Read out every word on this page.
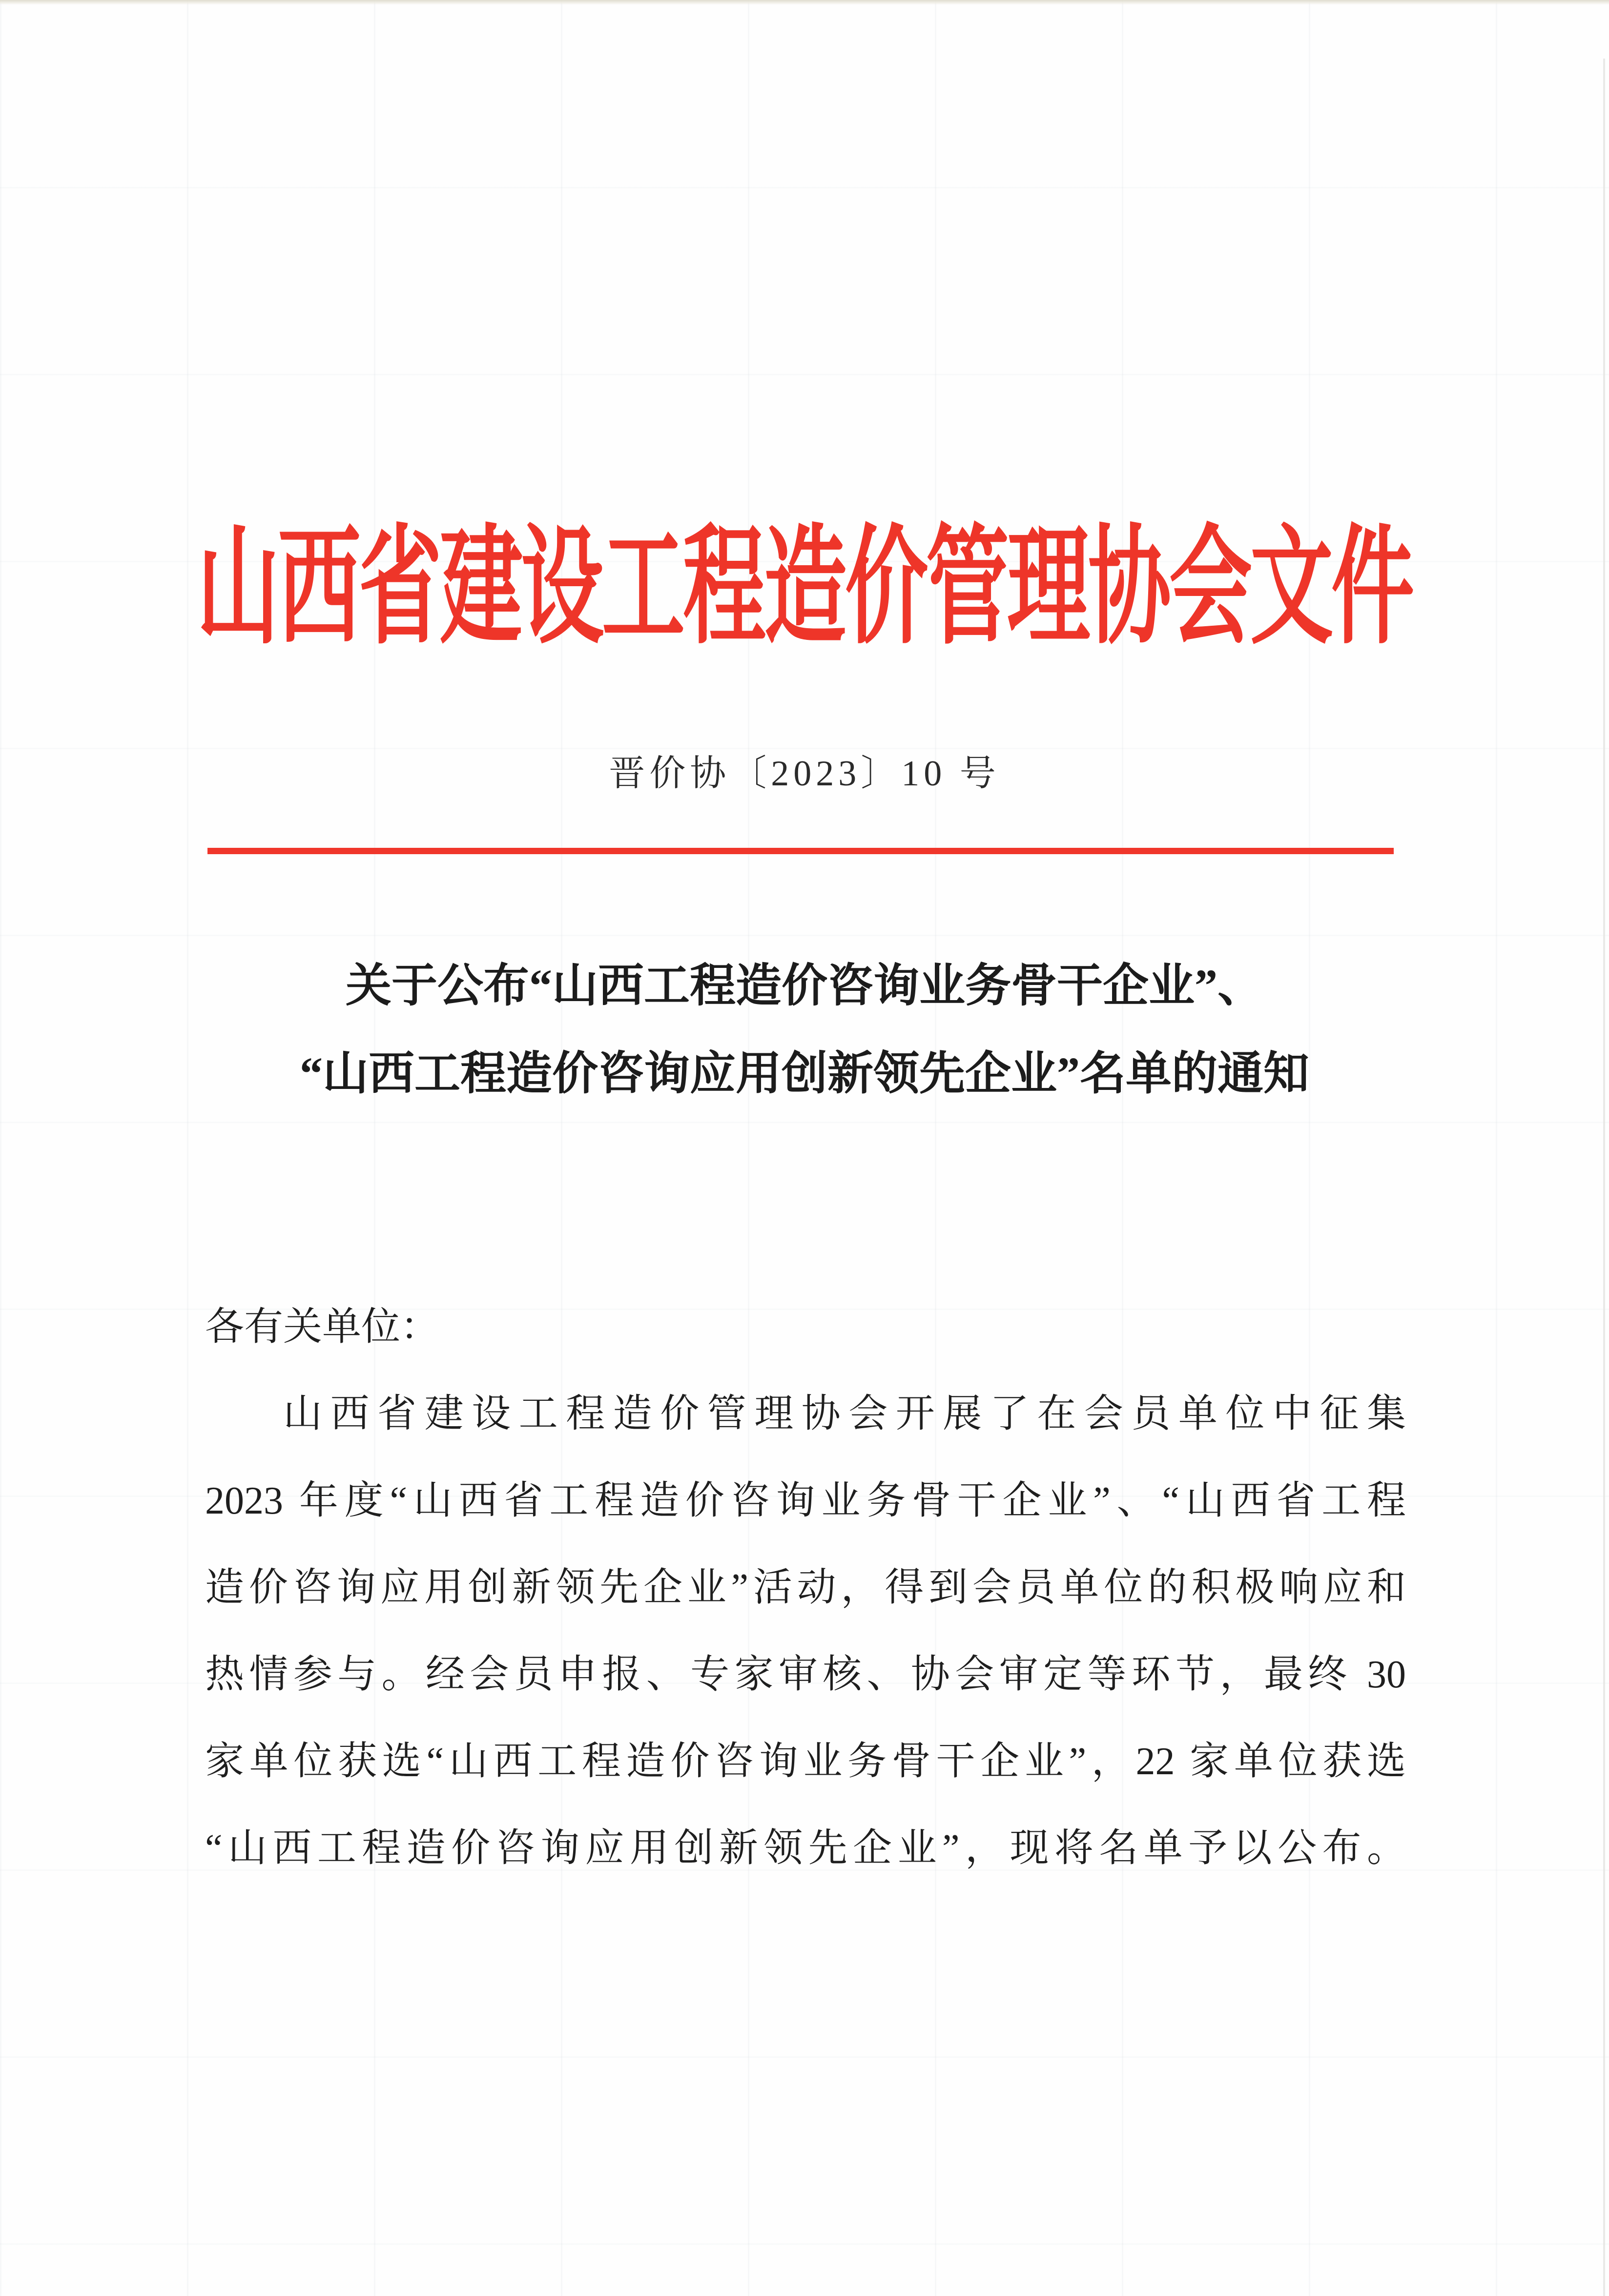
山西省建设工程造价管理协会文件
晋价协〔2023〕10 号
关于公布“山西工程造价咨询业务骨干企业”、
“山西工程造价咨询应用创新领先企业”名单的通知
各有关单位：
山西省建设工程造价管理协会开展了在会员单位中征集
2023 年度“山西省工程造价咨询业务骨干企业”、“山西省工程
造价咨询应用创新领先企业”活动，得到会员单位的积极响应和
热情参与。经会员申报、专家审核、协会审定等环节，最终 30
家单位获选“山西工程造价咨询业务骨干企业”，22 家单位获选
“山西工程造价咨询应用创新领先企业”，现将名单予以公布。
